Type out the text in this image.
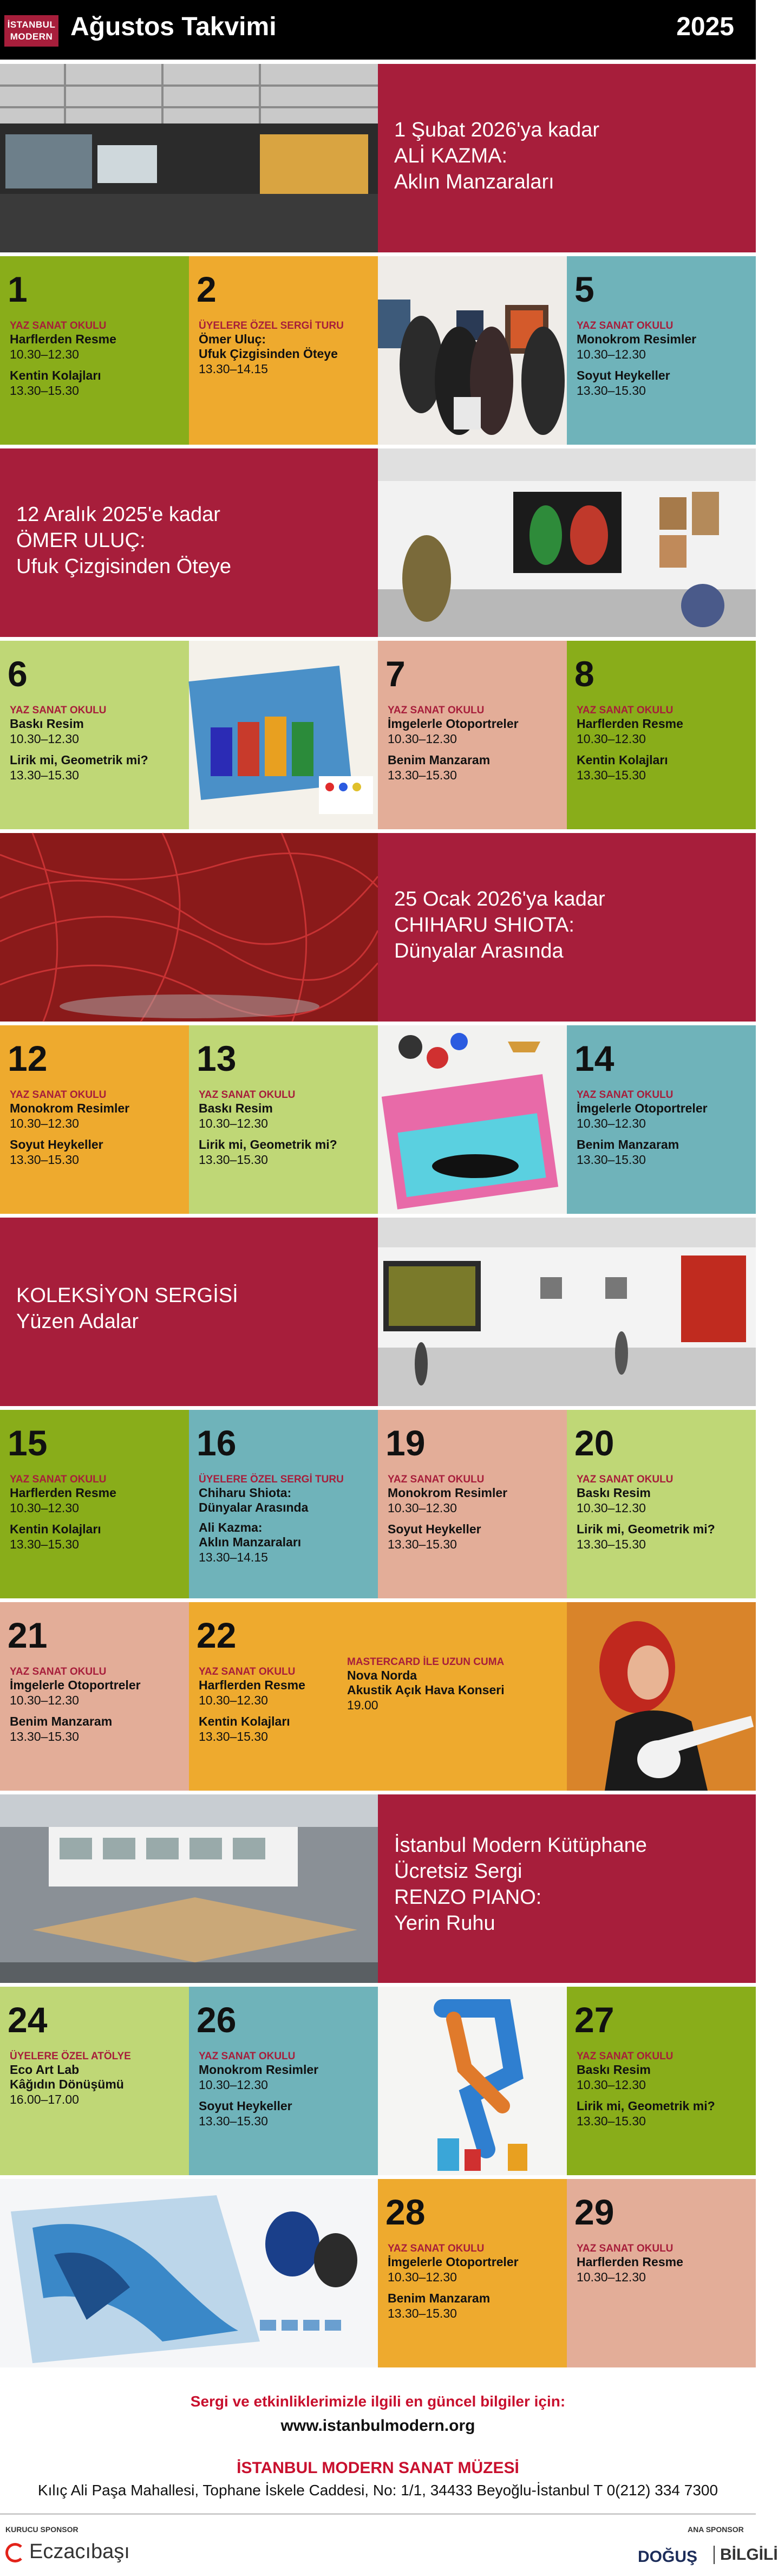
İSTANBUL
MODERN Ağustos Takvimi	2025
1 Şubat 2026'ya kadar
ALİ KAZMA:
Aklın Manzaraları
1
YAZ SANAT OKULU
Harflerden Resme
10.30–12.30
Kentin Kolajları
13.30–15.30
2
ÜYELERE ÖZEL SERGİ TURU
Ömer Uluç:
Ufuk Çizgisinden Öteye
13.30–14.15
5
YAZ SANAT OKULU
Monokrom Resimler
10.30–12.30
Soyut Heykeller
13.30–15.30
12 Aralık 2025'e kadar
ÖMER ULUÇ:
Ufuk Çizgisinden Öteye
6
YAZ SANAT OKULU
Baskı Resim
10.30–12.30
Lirik mi, Geometrik mi?
13.30–15.30
7
YAZ SANAT OKULU
İmgelerle Otoportreler
10.30–12.30
Benim Manzaram
13.30–15.30
8
YAZ SANAT OKULU
Harflerden Resme
10.30–12.30
Kentin Kolajları
13.30–15.30
25 Ocak 2026'ya kadar
CHIHARU SHIOTA:
Dünyalar Arasında
12
YAZ SANAT OKULU
Monokrom Resimler
10.30–12.30
Soyut Heykeller
13.30–15.30
13
YAZ SANAT OKULU
Baskı Resim
10.30–12.30
Lirik mi, Geometrik mi?
13.30–15.30
14
YAZ SANAT OKULU
İmgelerle Otoportreler
10.30–12.30
Benim Manzaram
13.30–15.30
KOLEKSİYON SERGİSİ
Yüzen Adalar
15
YAZ SANAT OKULU
Harflerden Resme
10.30–12.30
Kentin Kolajları
13.30–15.30
16
ÜYELERE ÖZEL SERGİ TURU
Chiharu Shiota:
Dünyalar Arasında
Ali Kazma:
Aklın Manzaraları
13.30–14.15
19
YAZ SANAT OKULU
Monokrom Resimler
10.30–12.30
Soyut Heykeller
13.30–15.30
20
YAZ SANAT OKULU
Baskı Resim
10.30–12.30
Lirik mi, Geometrik mi?
13.30–15.30
21
YAZ SANAT OKULU
İmgelerle Otoportreler
10.30–12.30
Benim Manzaram
13.30–15.30
22
YAZ SANAT OKULU
Harflerden Resme
10.30–12.30
Kentin Kolajları
13.30–15.30
MASTERCARD İLE UZUN CUMA
Nova Norda
Akustik Açık Hava Konseri
19.00
İstanbul Modern Kütüphane
Ücretsiz Sergi
RENZO PIANO:
Yerin Ruhu
24
ÜYELERE ÖZEL ATÖLYE
Eco Art Lab
Kâğıdın Dönüşümü
16.00–17.00
26
YAZ SANAT OKULU
Monokrom Resimler
10.30–12.30
Soyut Heykeller
13.30–15.30
27
YAZ SANAT OKULU
Baskı Resim
10.30–12.30
Lirik mi, Geometrik mi?
13.30–15.30
28
YAZ SANAT OKULU
İmgelerle Otoportreler
10.30–12.30
Benim Manzaram
13.30–15.30
29
YAZ SANAT OKULU
Harflerden Resme
10.30–12.30
Sergi ve etkinliklerimizle ilgili en güncel bilgiler için:
www.istanbulmodern.org
İSTANBUL MODERN SANAT MÜZESİ
Kılıç Ali Paşa Mahallesi, Tophane İskele Caddesi, No: 1/1, 34433 Beyoğlu-İstanbul T 0(212) 334 7300
KURUCU SPONSOR	ANA SPONSOR
Eczacıbaşı	DOĞUŞ	BİLGİLİ
